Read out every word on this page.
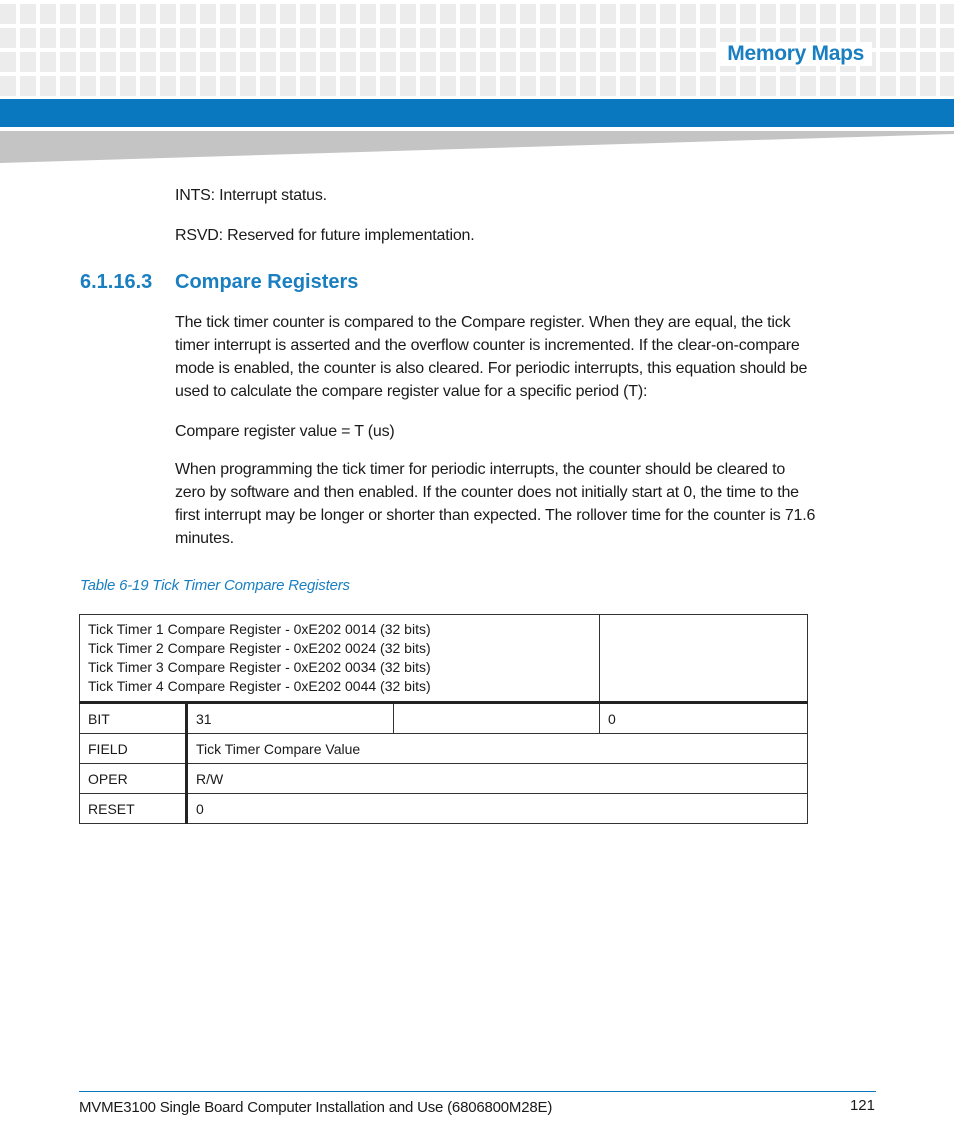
Memory Maps
INTS: Interrupt status.
RSVD: Reserved for future implementation.
6.1.16.3 Compare Registers
The tick timer counter is compared to the Compare register. When they are equal, the tick
timer interrupt is asserted and the overflow counter is incremented. If the clear-on-compare
mode is enabled, the counter is also cleared. For periodic interrupts, this equation should be
used to calculate the compare register value for a specific period (T):
Compare register value = T (us)
When programming the tick timer for periodic interrupts, the counter should be cleared to
zero by software and then enabled. If the counter does not initially start at 0, the time to the
first interrupt may be longer or shorter than expected. The rollover time for the counter is 71.6
minutes.
Table 6-19 Tick Timer Compare Registers
Tick Timer 1 Compare Register - 0xE202 0014 (32 bits)
Tick Timer 2 Compare Register - 0xE202 0024 (32 bits)
Tick Timer 3 Compare Register - 0xE202 0034 (32 bits)
Tick Timer 4 Compare Register - 0xE202 0044 (32 bits)			

BIT	31		0
FIELD	Tick Timer Compare Value		
OPER	R/W		
RESET	0		
MVME3100 Single Board Computer Installation and Use (6806800M28E)	121
